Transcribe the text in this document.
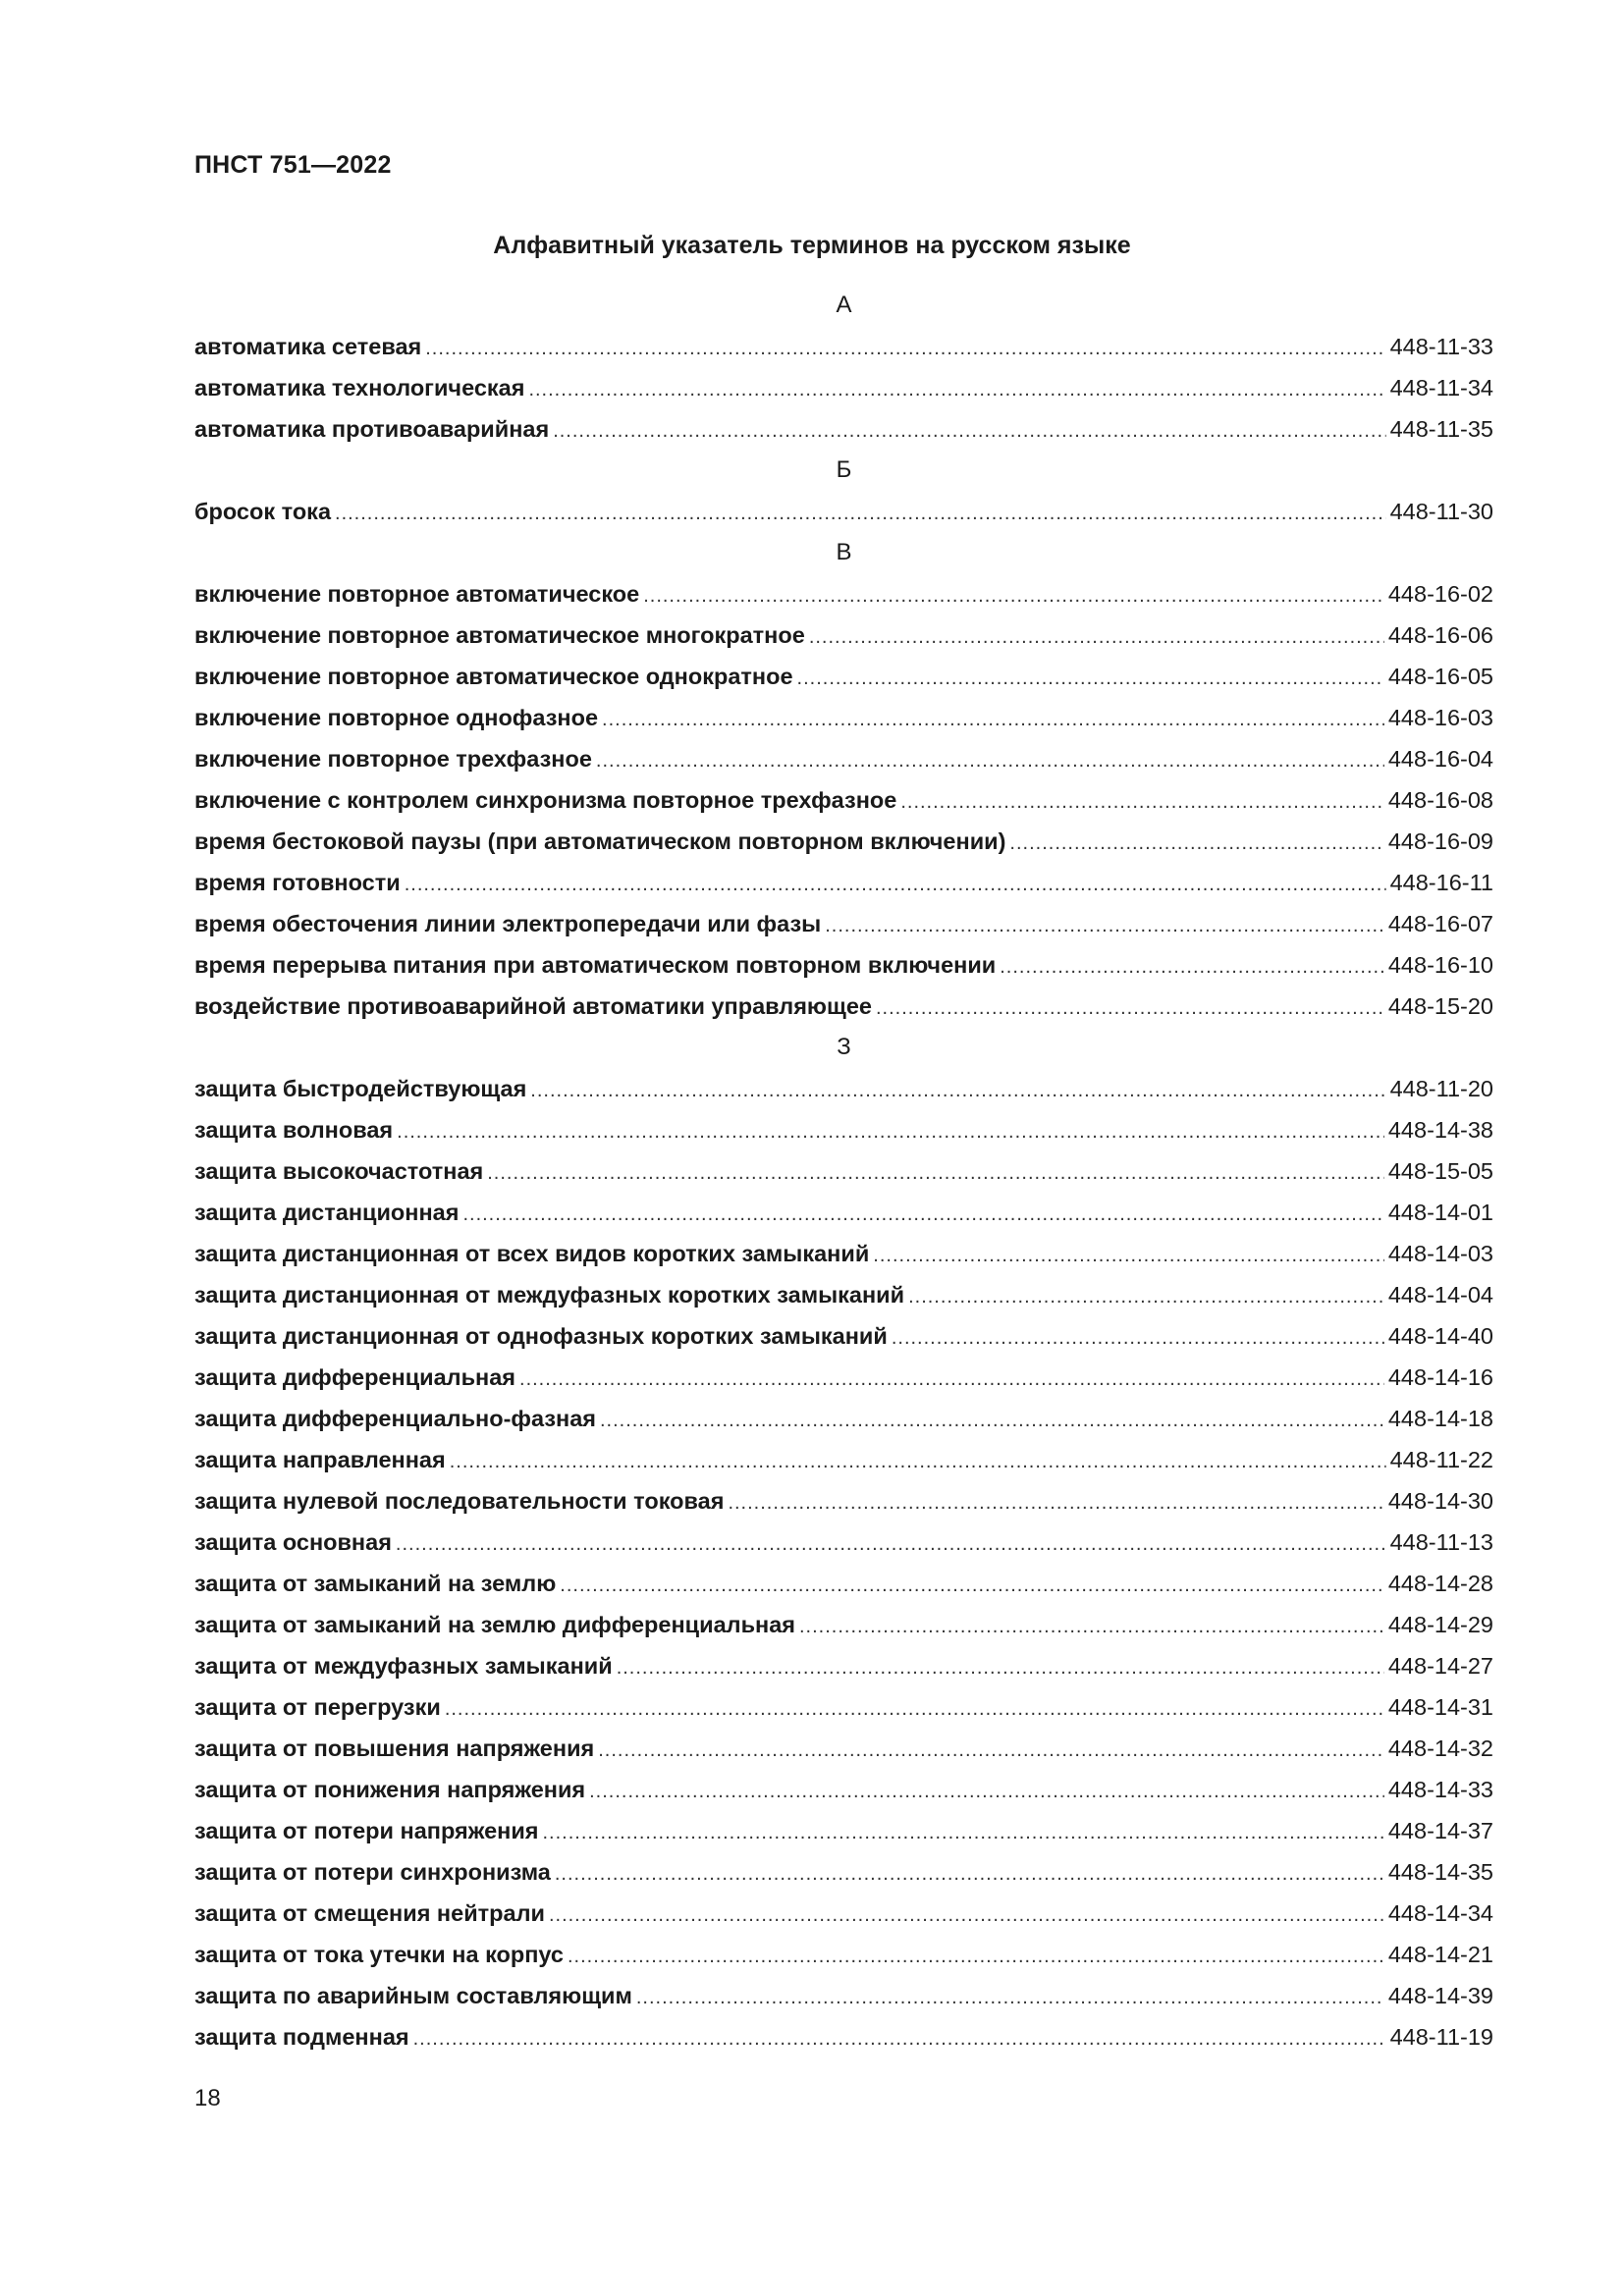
ПНСТ 751—2022
Алфавитный указатель терминов на русском языке
А
автоматика сетевая .....	448-11-33
автоматика технологическая .....	448-11-34
автоматика противоаварийная .....	448-11-35
Б
бросок тока .....	448-11-30
В
включение повторное автоматическое .....	448-16-02
включение повторное автоматическое многократное .....	448-16-06
включение повторное автоматическое однократное .....	448-16-05
включение повторное однофазное .....	448-16-03
включение повторное трехфазное .....	448-16-04
включение с контролем синхронизма повторное трехфазное .....	448-16-08
время бестоковой паузы (при автоматическом повторном включении) .....	448-16-09
время готовности .....	448-16-11
время обесточения линии электропередачи или фазы .....	448-16-07
время перерыва питания при автоматическом повторном включении .....	448-16-10
воздействие противоаварийной автоматики управляющее .....	448-15-20
З
защита быстродействующая .....	448-11-20
защита волновая .....	448-14-38
защита высокочастотная .....	448-15-05
защита дистанционная .....	448-14-01
защита дистанционная от всех видов коротких замыканий .....	448-14-03
защита дистанционная от междуфазных коротких замыканий .....	448-14-04
защита дистанционная от однофазных коротких замыканий .....	448-14-40
защита дифференциальная .....	448-14-16
защита дифференциально-фазная .....	448-14-18
защита направленная .....	448-11-22
защита нулевой последовательности токовая .....	448-14-30
защита основная .....	448-11-13
защита от замыканий на землю .....	448-14-28
защита от замыканий на землю дифференциальная .....	448-14-29
защита от междуфазных замыканий .....	448-14-27
защита от перегрузки .....	448-14-31
защита от повышения напряжения .....	448-14-32
защита от понижения напряжения .....	448-14-33
защита от потери напряжения .....	448-14-37
защита от потери синхронизма .....	448-14-35
защита от смещения нейтрали .....	448-14-34
защита от тока утечки на корпус .....	448-14-21
защита по аварийным составляющим .....	448-14-39
защита подменная .....	448-11-19
18
